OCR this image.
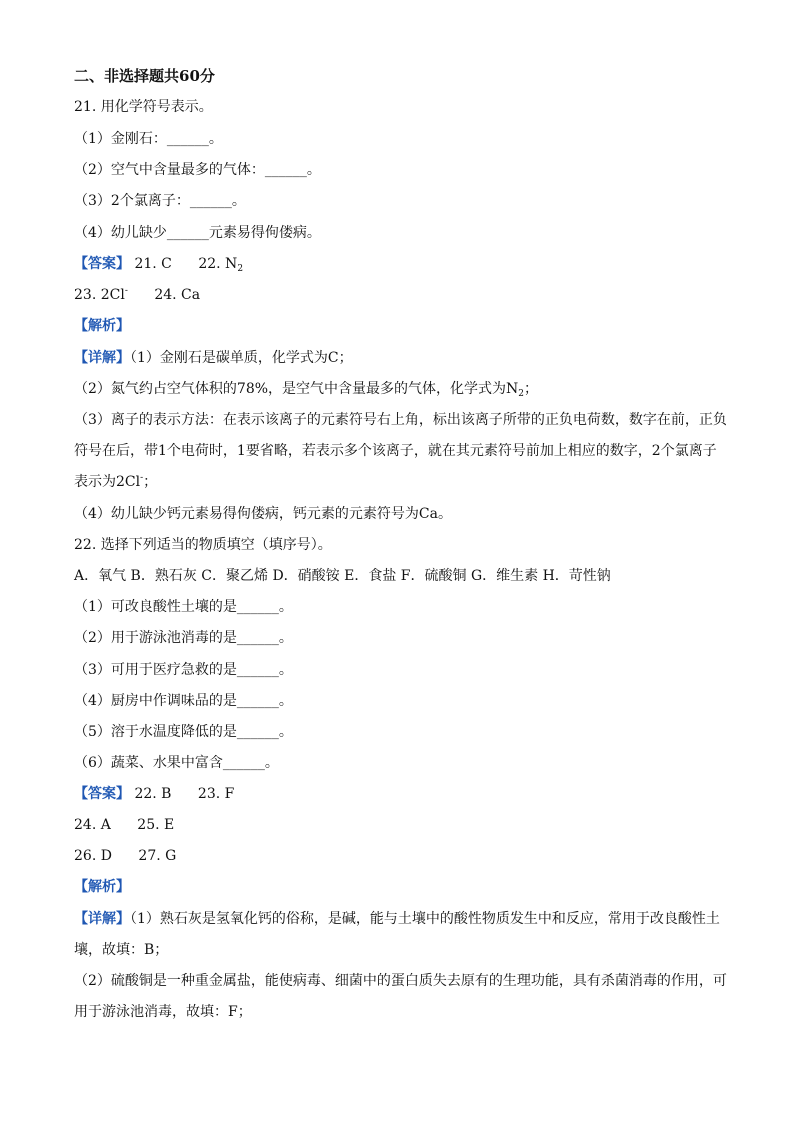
二、非选择题共60分
21. 用化学符号表示。
（1）金刚石：______。
（2）空气中含量最多的气体：______。
（3）2个氯离子：______。
（4）幼儿缺少______元素易得佝偻病。
【答案】 21. C 22. $N_2$
23. 2Cl- 24. Ca
【解析】
【详解】（1）金刚石是碳单质，化学式为C；
（2）氮气约占空气体积的78%，是空气中含量最多的气体，化学式为$N_2$；
（3）离子的表示方法：在表示该离子的元素符号右上角，标出该离子所带的正负电荷数，数字在前，正负
符号在后，带1个电荷时，1要省略，若表示多个该离子，就在其元素符号前加上相应的数字，2个氯离子
表示为2Cl-；
（4）幼儿缺少钙元素易得佝偻病，钙元素的元素符号为Ca。
22. 选择下列适当的物质填空（填序号）。
A．氧气 B．熟石灰 C．聚乙烯 D．硝酸铵 E．食盐 F．硫酸铜 G．维生素 H．苛性钠
（1）可改良酸性土壤的是______。
（2）用于游泳池消毒的是______。
（3）可用于医疗急救的是______。
（4）厨房中作调味品的是______。
（5）溶于水温度降低的是______。
（6）蔬菜、水果中富含______。
【答案】 22. B 23. F
24. A 25. E
26. D 27. G
【解析】
【详解】（1）熟石灰是氢氧化钙的俗称，是碱，能与土壤中的酸性物质发生中和反应，常用于改良酸性土
壤，故填：B；
（2）硫酸铜是一种重金属盐，能使病毒、细菌中的蛋白质失去原有的生理功能，具有杀菌消毒的作用，可
用于游泳池消毒，故填：F；
